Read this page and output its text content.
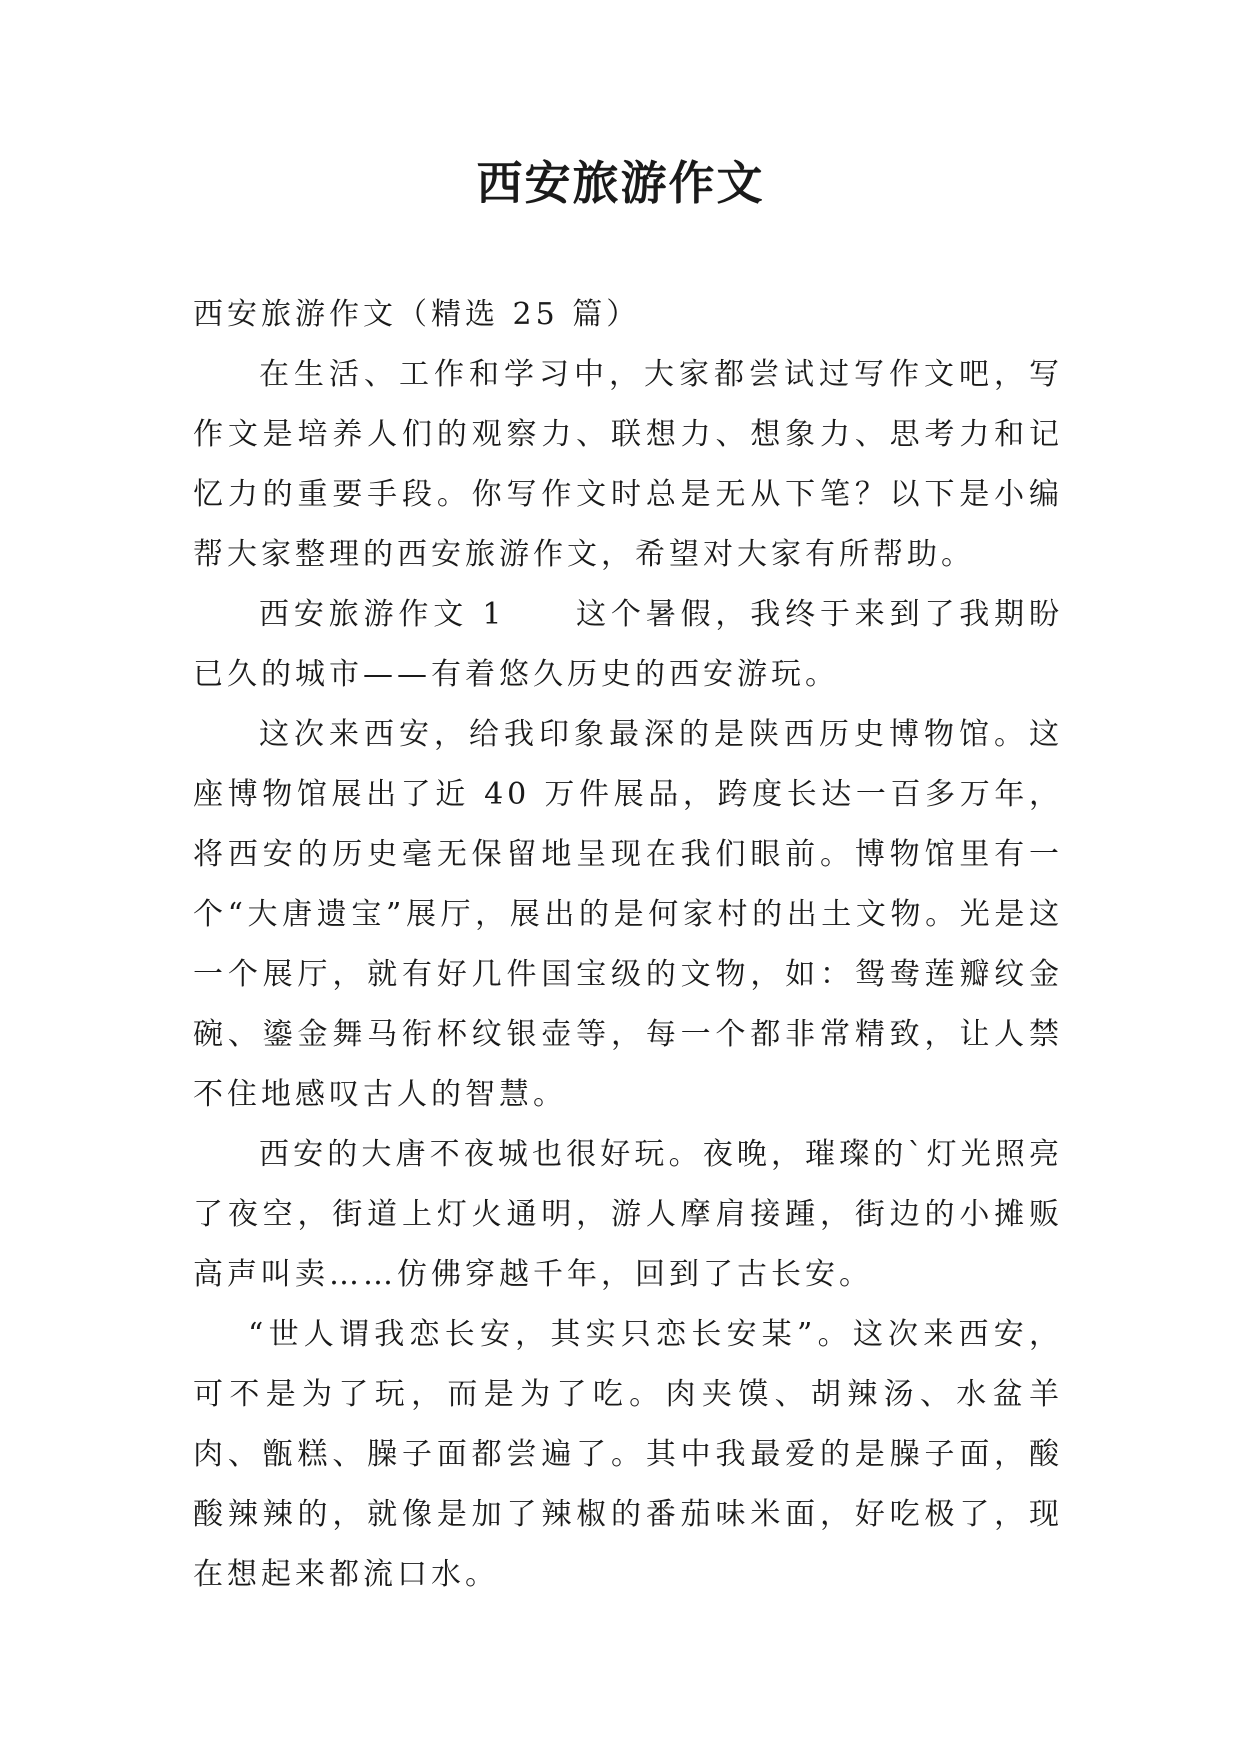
西安旅游作文

西安旅游作文（精选 25 篇）

在生活、工作和学习中，大家都尝试过写作文吧，写作文是培养人们的观察力、联想力、想象力、思考力和记忆力的重要手段。你写作文时总是无从下笔？以下是小编帮大家整理的西安旅游作文，希望对大家有所帮助。

西安旅游作文 1　　这个暑假，我终于来到了我期盼已久的城市——有着悠久历史的西安游玩。

这次来西安，给我印象最深的是陕西历史博物馆。这座博物馆展出了近 40 万件展品，跨度长达一百多万年，将西安的历史毫无保留地呈现在我们眼前。博物馆里有一个“大唐遗宝”展厅，展出的是何家村的出土文物。光是这一个展厅，就有好几件国宝级的文物，如：鸳鸯莲瓣纹金碗、鎏金舞马衔杯纹银壶等，每一个都非常精致，让人禁不住地感叹古人的智慧。

西安的大唐不夜城也很好玩。夜晚，璀璨的`灯光照亮了夜空，街道上灯火通明，游人摩肩接踵，街边的小摊贩高声叫卖……仿佛穿越千年，回到了古长安。

“世人谓我恋长安，其实只恋长安某”。这次来西安，可不是为了玩，而是为了吃。肉夹馍、胡辣汤、水盆羊肉、甑糕、臊子面都尝遍了。其中我最爱的是臊子面，酸酸辣辣的，就像是加了辣椒的番茄味米面，好吃极了，现在想起来都流口水。
